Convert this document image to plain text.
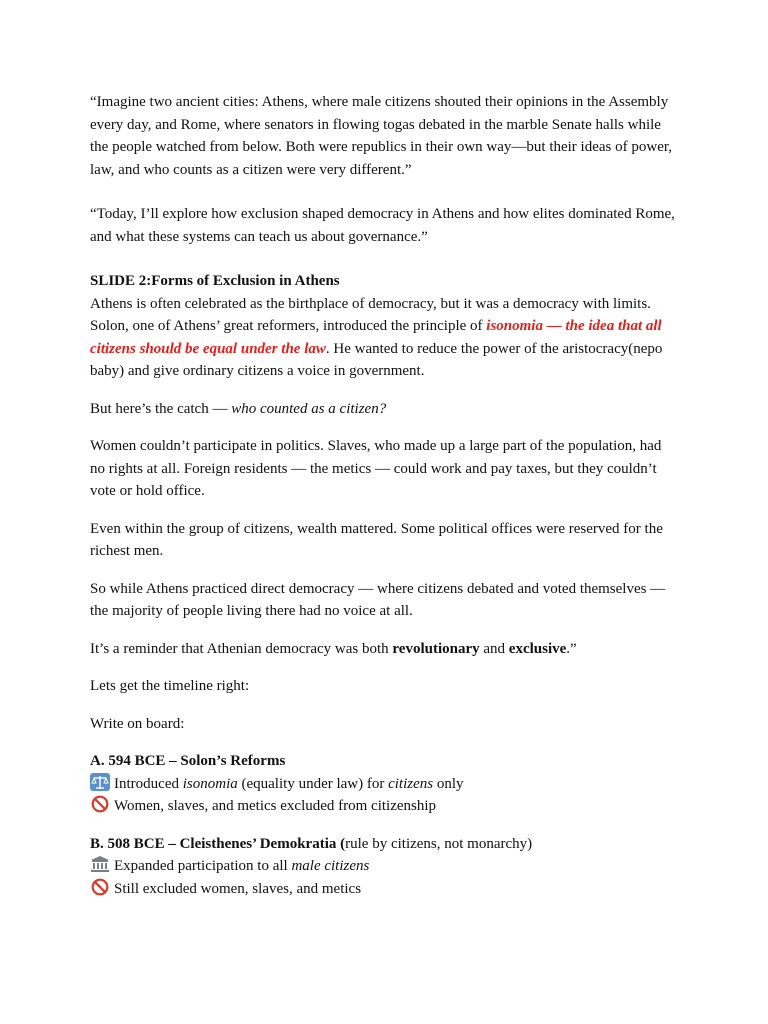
“Imagine two ancient cities: Athens, where male citizens shouted their opinions in the Assembly every day, and Rome, where senators in flowing togas debated in the marble Senate halls while the people watched from below. Both were republics in their own way—but their ideas of power, law, and who counts as a citizen were very different.”

“Today, I’ll explore how exclusion shaped democracy in Athens and how elites dominated Rome, and what these systems can teach us about governance.”

SLIDE 2:Forms of Exclusion in Athens

Athens is often celebrated as the birthplace of democracy, but it was a democracy with limits.

Solon, one of Athens’ great reformers, introduced the principle of isonomia — the idea that all citizens should be equal under the law. He wanted to reduce the power of the aristocracy(nepo baby) and give ordinary citizens a voice in government.

But here’s the catch — who counted as a citizen?

Women couldn’t participate in politics. Slaves, who made up a large part of the population, had no rights at all. Foreign residents — the metics — could work and pay taxes, but they couldn’t vote or hold office.

Even within the group of citizens, wealth mattered. Some political offices were reserved for the richest men.

So while Athens practiced direct democracy — where citizens debated and voted themselves — the majority of people living there had no voice at all.

It’s a reminder that Athenian democracy was both revolutionary and exclusive.”

Lets get the timeline right:

Write on board:

A. 594 BCE – Solon’s Reforms

Introduced isonomia (equality under law) for citizens only

Women, slaves, and metics excluded from citizenship

B. 508 BCE – Cleisthenes’ Demokratia (rule by citizens, not monarchy)

Expanded participation to all male citizens

Still excluded women, slaves, and metics
